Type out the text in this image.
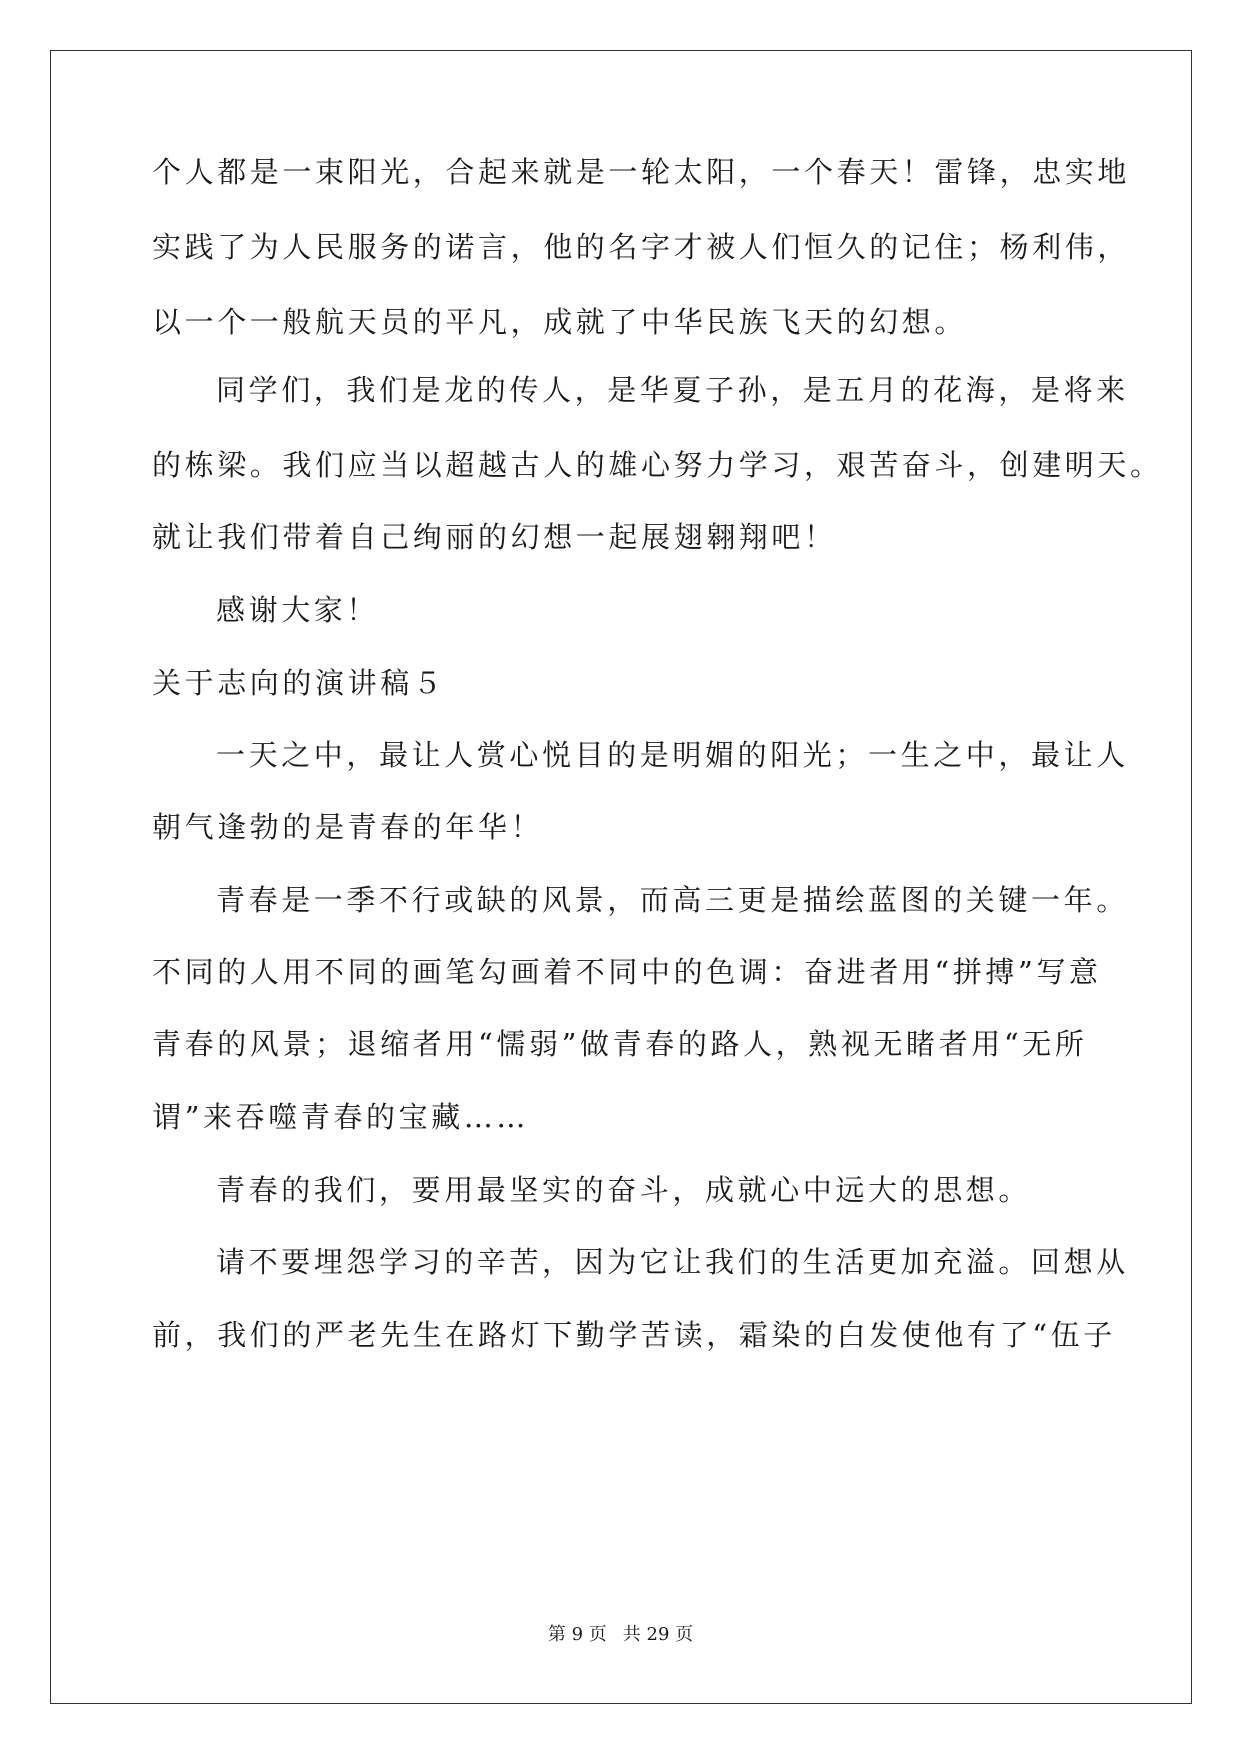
个人都是一束阳光，合起来就是一轮太阳，一个春天！雷锋，忠实地
实践了为人民服务的诺言，他的名字才被人们恒久的记住；杨利伟，
以一个一般航天员的平凡，成就了中华民族飞天的幻想。
同学们，我们是龙的传人，是华夏子孙，是五月的花海，是将来
的栋梁。我们应当以超越古人的雄心努力学习，艰苦奋斗，创建明天。
就让我们带着自己绚丽的幻想一起展翅翱翔吧！
感谢大家！
关于志向的演讲稿５
一天之中，最让人赏心悦目的是明媚的阳光；一生之中，最让人
朝气逢勃的是青春的年华！
青春是一季不行或缺的风景，而高三更是描绘蓝图的关键一年。
不同的人用不同的画笔勾画着不同中的色调：奋进者用“拼搏”写意
青春的风景；退缩者用“懦弱”做青春的路人，熟视无睹者用“无所
谓”来吞噬青春的宝藏……
青春的我们，要用最坚实的奋斗，成就心中远大的思想。
请不要埋怨学习的辛苦，因为它让我们的生活更加充溢。回想从
前，我们的严老先生在路灯下勤学苦读，霜染的白发使他有了“伍子
第 9 页 共 29 页
